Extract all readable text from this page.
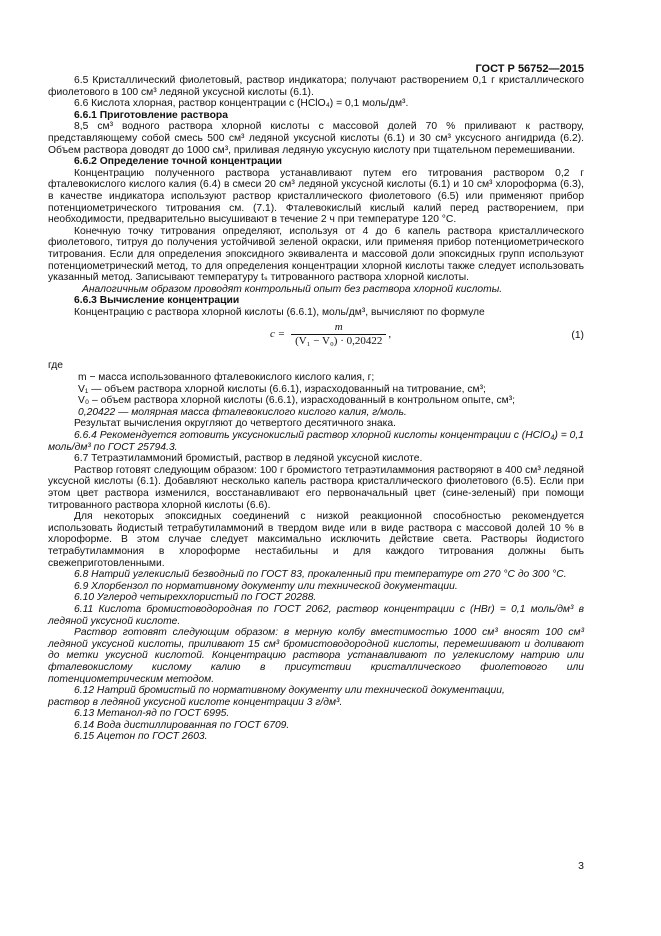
ГОСТ Р 56752—2015

6.5 Кристаллический фиолетовый, раствор индикатора; получают растворением 0,1 г кристаллического фиолетового в 100 см³ ледяной уксусной кислоты (6.1).

6.6 Кислота хлорная, раствор концентрации с (HClO₄) = 0,1 моль/дм³.

6.6.1 Приготовление раствора

8,5 см³ водного раствора хлорной кислоты с массовой долей 70 % приливают к раствору, представляющему собой смесь 500 см³ ледяной уксусной кислоты (6.1) и 30 см³ уксусного ангидрида (6.2). Объем раствора доводят до 1000 см³, приливая ледяную уксусную кислоту при тщательном перемешивании.

6.6.2 Определение точной концентрации

Концентрацию полученного раствора устанавливают путем его титрования раствором 0,2 г фталевокислого кислого калия (6.4) в смеси 20 см³ ледяной уксусной кислоты (6.1) и 10 см³ хлороформа (6.3), в качестве индикатора используют раствор кристаллического фиолетового (6.5) или применяют прибор потенциометрического титрования см. (7.1). Фталевокислый кислый калий перед растворением, при необходимости, предварительно высушивают в течение 2 ч при температуре 120 °С.

Конечную точку титрования определяют, используя от 4 до 6 капель раствора кристаллического фиолетового, титруя до получения устойчивой зеленой окраски, или применяя прибор потенциометрического титрования. Если для определения эпоксидного эквивалента и массовой доли эпоксидных групп используют потенциометрический метод, то для определения концентрации хлорной кислоты также следует использовать указанный метод. Записывают температуру tₛ титрованного раствора хлорной кислоты.

Аналогичным образом проводят контрольный опыт без раствора хлорной кислоты.

6.6.3 Вычисление концентрации

Концентрацию c раствора хлорной кислоты (6.6.1), моль/дм³, вычисляют по формуле

$c = \frac{m}{\text{(V₁ − V₀) · 0,20422}}$ ,	(1)

где

m − масса использованного фталевокислого кислого калия, г;

V₁ — объем раствора хлорной кислоты (6.6.1), израсходованный на титрование, см³;

V₀ – объем раствора хлорной кислоты (6.6.1), израсходованный в контрольном опыте, см³;

0,20422 — молярная масса фталевокислого кислого калия, г/моль.

Результат вычисления округляют до четвертого десятичного знака.

6.6.4 Рекомендуется готовить уксуснокислый раствор хлорной кислоты концентрации с (HClO₄) = 0,1 моль/дм³ по ГОСТ 25794.3.

6.7 Тетраэтиламмоний бромистый, раствор в ледяной уксусной кислоте.

Раствор готовят следующим образом: 100 г бромистого тетраэтиламмония растворяют в 400 см³ ледяной уксусной кислоты (6.1). Добавляют несколько капель раствора кристаллического фиолетового (6.5). Если при этом цвет раствора изменился, восстанавливают его первоначальный цвет (сине-зеленый) при помощи титрованного раствора хлорной кислоты (6.6).

Для некоторых эпоксидных соединений с низкой реакционной способностью рекомендуется использовать йодистый тетрабутиламмоний в твердом виде или в виде раствора с массовой долей 10 % в хлороформе. В этом случае следует максимально исключить действие света. Растворы йодистого тетрабутиламмония в хлороформе нестабильны и для каждого титрования должны быть свежеприготовленными.

6.8 Натрий углекислый безводный по ГОСТ 83, прокаленный при температуре от 270 °С до 300 °С.

6.9 Хлорбензол по нормативному документу или технической документации.

6.10 Углерод четыреххлористый по ГОСТ 20288.

6.11 Кислота бромистоводородная по ГОСТ 2062, раствор концентрации с (HBr) = 0,1 моль/дм³ в ледяной уксусной кислоте.

Раствор готовят следующим образом: в мерную колбу вместимостью 1000 см³ вносят 100 см³ ледяной уксусной кислоты, приливают 15 см³ бромистоводородной кислоты, перемешивают и доливают до метки уксусной кислотой. Концентрацию раствора устанавливают по углекислому натрию или фталевокислому кислому калию в присутствии кристаллического фиолетового или потенциометрическим методом.

6.12 Натрий бромистый по нормативному документу или технической документации,

раствор в ледяной уксусной кислоте концентрации 3 г/дм³.

6.13 Метанол-яд по ГОСТ 6995.

6.14 Вода дистиллированная по ГОСТ 6709.

6.15 Ацетон по ГОСТ 2603.

3
